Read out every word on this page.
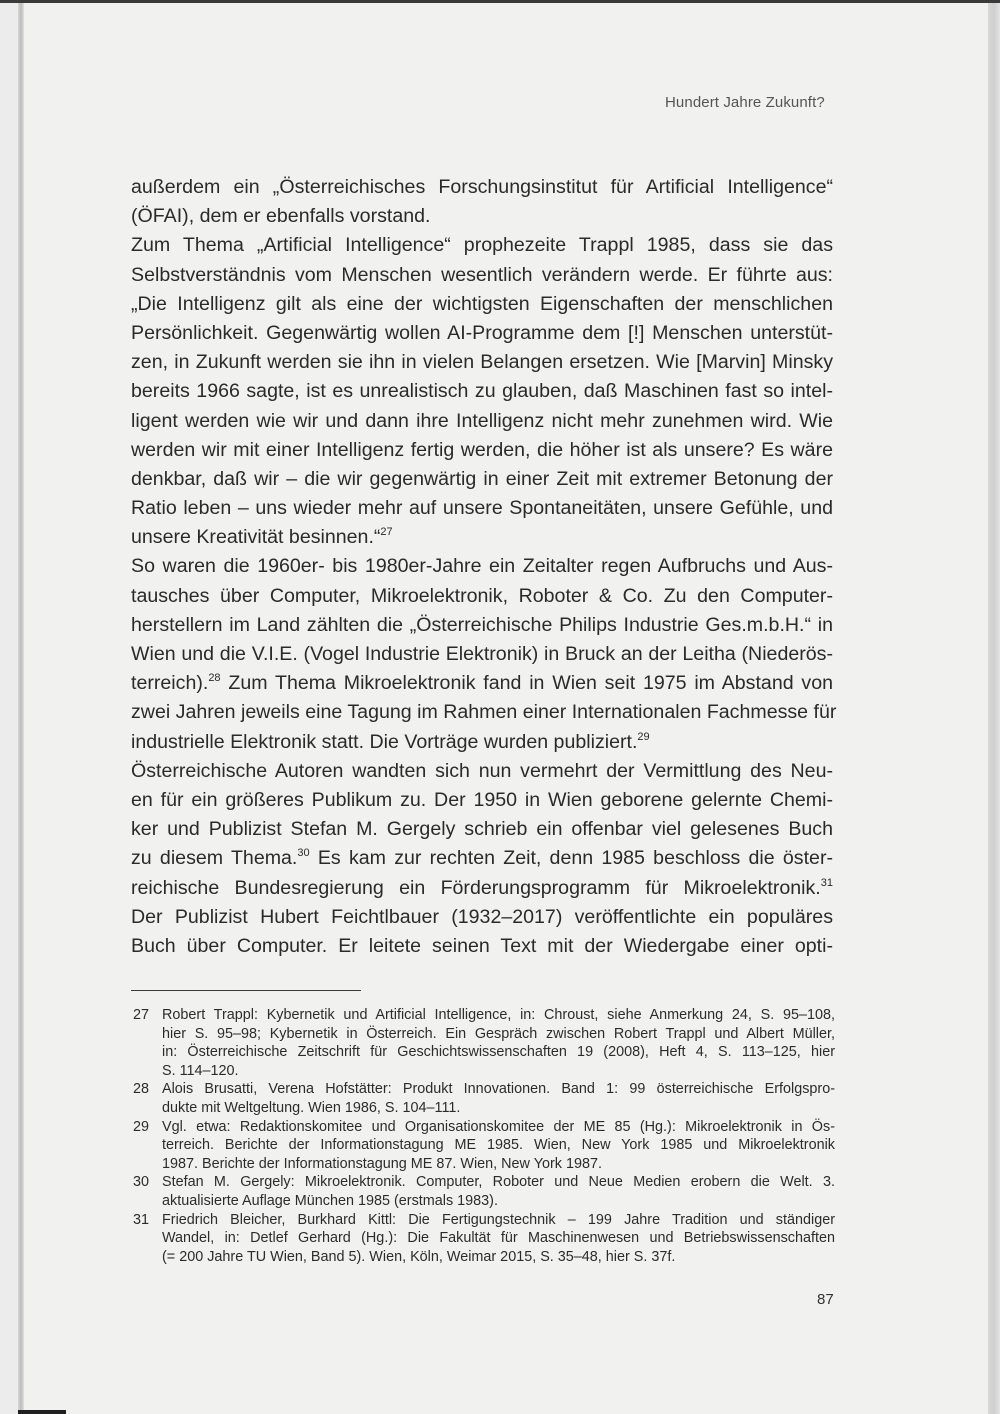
Hundert Jahre Zukunft?
außerdem ein „Österreichisches Forschungsinstitut für Artificial Intelligence“
(ÖFAI), dem er ebenfalls vorstand.
Zum Thema „Artificial Intelligence“ prophezeite Trappl 1985, dass sie das
Selbstverständnis vom Menschen wesentlich verändern werde. Er führte aus:
„Die Intelligenz gilt als eine der wichtigsten Eigenschaften der menschlichen
Persönlichkeit. Gegenwärtig wollen AI-Programme dem [!] Menschen unterstüt-
zen, in Zukunft werden sie ihn in vielen Belangen ersetzen. Wie [Marvin] Minsky
bereits 1966 sagte, ist es unrealistisch zu glauben, daß Maschinen fast so intel-
ligent werden wie wir und dann ihre Intelligenz nicht mehr zunehmen wird. Wie
werden wir mit einer Intelligenz fertig werden, die höher ist als unsere? Es wäre
denkbar, daß wir – die wir gegenwärtig in einer Zeit mit extremer Betonung der
Ratio leben – uns wieder mehr auf unsere Spontaneitäten, unsere Gefühle, und
unsere Kreativität besinnen.“$^{27}$
So waren die 1960er- bis 1980er-Jahre ein Zeitalter regen Aufbruchs und Aus-
tausches über Computer, Mikroelektronik, Roboter & Co. Zu den Computer-
herstellern im Land zählten die „Österreichische Philips Industrie Ges.m.b.H.“ in
Wien und die V.I.E. (Vogel Industrie Elektronik) in Bruck an der Leitha (Niederös-
terreich).$^{28}$ Zum Thema Mikroelektronik fand in Wien seit 1975 im Abstand von
zwei Jahren jeweils eine Tagung im Rahmen einer Internationalen Fachmesse für
industrielle Elektronik statt. Die Vorträge wurden publiziert.$^{29}$
Österreichische Autoren wandten sich nun vermehrt der Vermittlung des Neu-
en für ein größeres Publikum zu. Der 1950 in Wien geborene gelernte Chemi-
ker und Publizist Stefan M. Gergely schrieb ein offenbar viel gelesenes Buch
zu diesem Thema.$^{30}$ Es kam zur rechten Zeit, denn 1985 beschloss die öster-
reichische Bundesregierung ein Förderungsprogramm für Mikroelektronik.$^{31}$
Der Publizist Hubert Feichtlbauer (1932–2017) veröffentlichte ein populäres
Buch über Computer. Er leitete seinen Text mit der Wiedergabe einer opti-
27 Robert Trappl: Kybernetik und Artificial Intelligence, in: Chroust, siehe Anmerkung 24, S. 95–108,
hier S. 95–98; Kybernetik in Österreich. Ein Gespräch zwischen Robert Trappl und Albert Müller,
in: Österreichische Zeitschrift für Geschichtswissenschaften 19 (2008), Heft 4, S. 113–125, hier
S. 114–120.
28 Alois Brusatti, Verena Hofstätter: Produkt Innovationen. Band 1: 99 österreichische Erfolgspro-
dukte mit Weltgeltung. Wien 1986, S. 104–111.
29 Vgl. etwa: Redaktionskomitee und Organisationskomitee der ME 85 (Hg.): Mikroelektronik in Ös-
terreich. Berichte der Informationstagung ME 1985. Wien, New York 1985 und Mikroelektronik
1987. Berichte der Informationstagung ME 87. Wien, New York 1987.
30 Stefan M. Gergely: Mikroelektronik. Computer, Roboter und Neue Medien erobern die Welt. 3.
aktualisierte Auflage München 1985 (erstmals 1983).
31 Friedrich Bleicher, Burkhard Kittl: Die Fertigungstechnik – 199 Jahre Tradition und ständiger
Wandel, in: Detlef Gerhard (Hg.): Die Fakultät für Maschinenwesen und Betriebswissenschaften
(= 200 Jahre TU Wien, Band 5). Wien, Köln, Weimar 2015, S. 35–48, hier S. 37f.
87
